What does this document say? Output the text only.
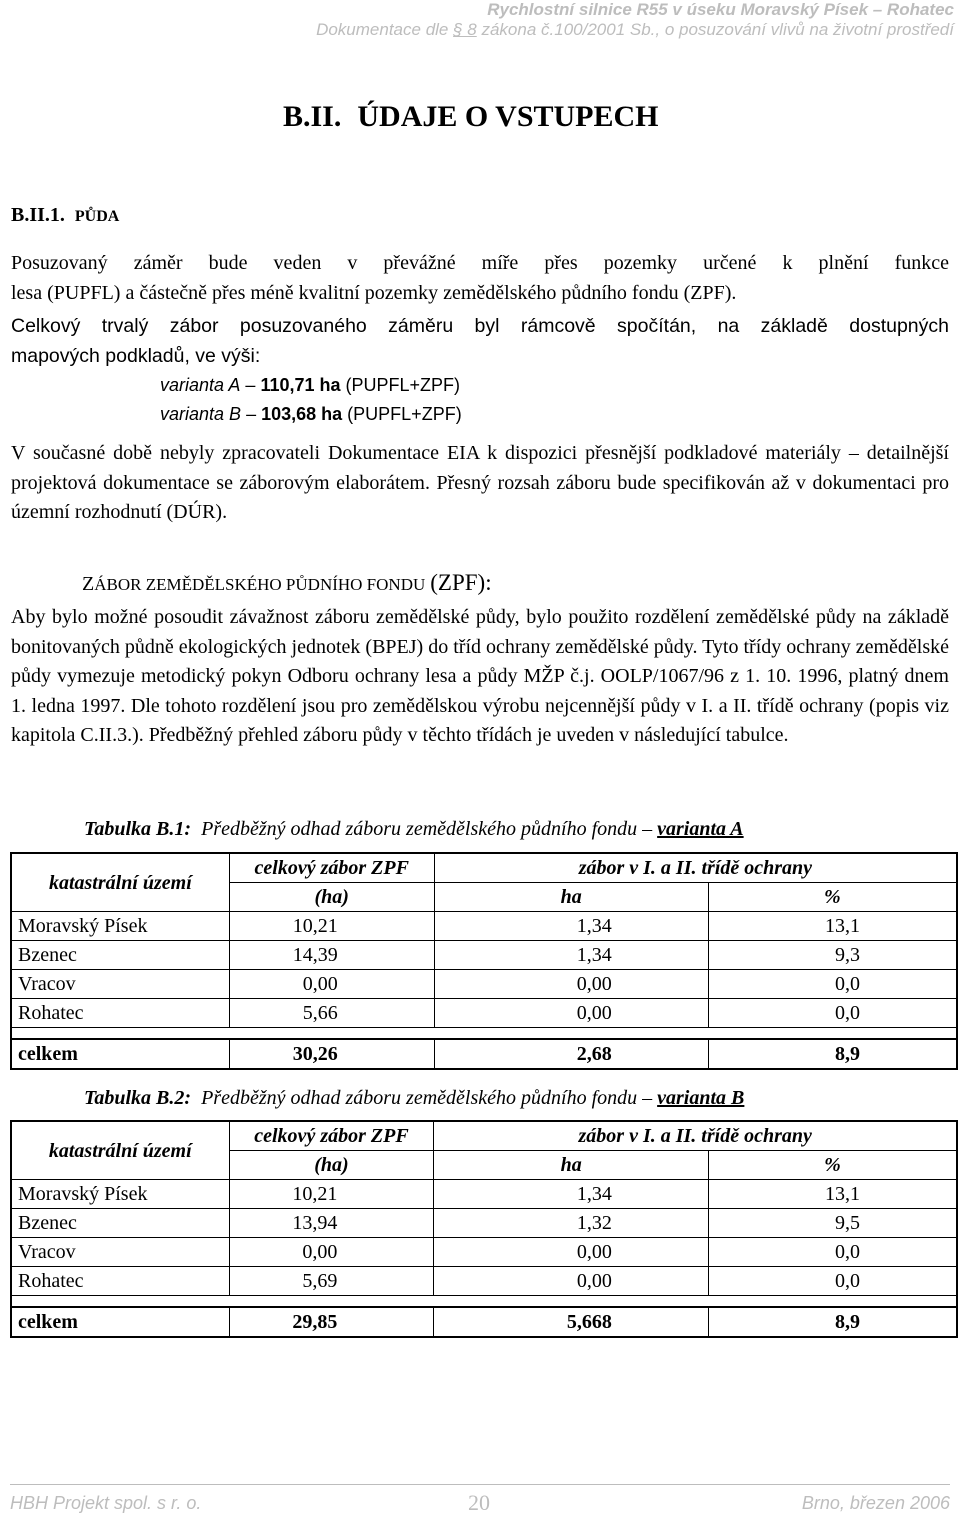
Rychlostní silnice R55 v úseku Moravský Písek – Rohatec
Dokumentace dle § 8 zákona č.100/2001 Sb., o posuzování vlivů na životní prostředí
B.II. ÚDAJE O VSTUPECH
B.II.1. PŮDA
Posuzovaný záměr bude veden v převážné míře přes pozemky určené k plnění funkce
lesa (PUPFL) a částečně přes méně kvalitní pozemky zemědělského půdního fondu (ZPF).
Celkový trvalý zábor posuzovaného záměru byl rámcově spočítán, na základě dostupných
mapových podkladů, ve výši:
varianta A – 110,71 ha (PUPFL+ZPF)
varianta B – 103,68 ha (PUPFL+ZPF)
V současné době nebyly zpracovateli Dokumentace EIA k dispozici přesnější podkladové materiály – detailnější projektová dokumentace se záborovým elaborátem. Přesný rozsah záboru bude specifikován až v dokumentaci pro územní rozhodnutí (DÚR).
ZÁBOR ZEMĚDĚLSKÉHO PŮDNÍHO FONDU (ZPF):
Aby bylo možné posoudit závažnost záboru zemědělské půdy, bylo použito rozdělení zemědělské půdy na základě bonitovaných půdně ekologických jednotek (BPEJ) do tříd ochrany zemědělské půdy. Tyto třídy ochrany zemědělské půdy vymezuje metodický pokyn Odboru ochrany lesa a půdy MŽP č.j. OOLP/1067/96 z 1. 10. 1996, platný dnem 1. ledna 1997. Dle tohoto rozdělení jsou pro zemědělskou výrobu nejcennější půdy v I. a II. třídě ochrany (popis viz kapitola C.II.3.). Předběžný přehled záboru půdy v těchto třídách je uveden v následující tabulce.
Tabulka B.1: Předběžný odhad záboru zemědělského půdního fondu – varianta A
katastrální území	celkový zábor ZPF	zábor v I. a II. třídě ochrany	
	(ha)	ha	%
Moravský Písek	10,21	1,34	13,1
Bzenec	14,39	1,34	9,3
Vracov	0,00	0,00	0,0
Rohatec	5,66	0,00	0,0

celkem	30,26	2,68	8,9
Tabulka B.2: Předběžný odhad záboru zemědělského půdního fondu – varianta B
katastrální území	celkový zábor ZPF	zábor v I. a II. třídě ochrany	
	(ha)	ha	%
Moravský Písek	10,21	1,34	13,1
Bzenec	13,94	1,32	9,5
Vracov	0,00	0,00	0,0
Rohatec	5,69	0,00	0,0

celkem	29,85	5,668	8,9
HBH Projekt spol. s r. o.	20	Brno, březen 2006
